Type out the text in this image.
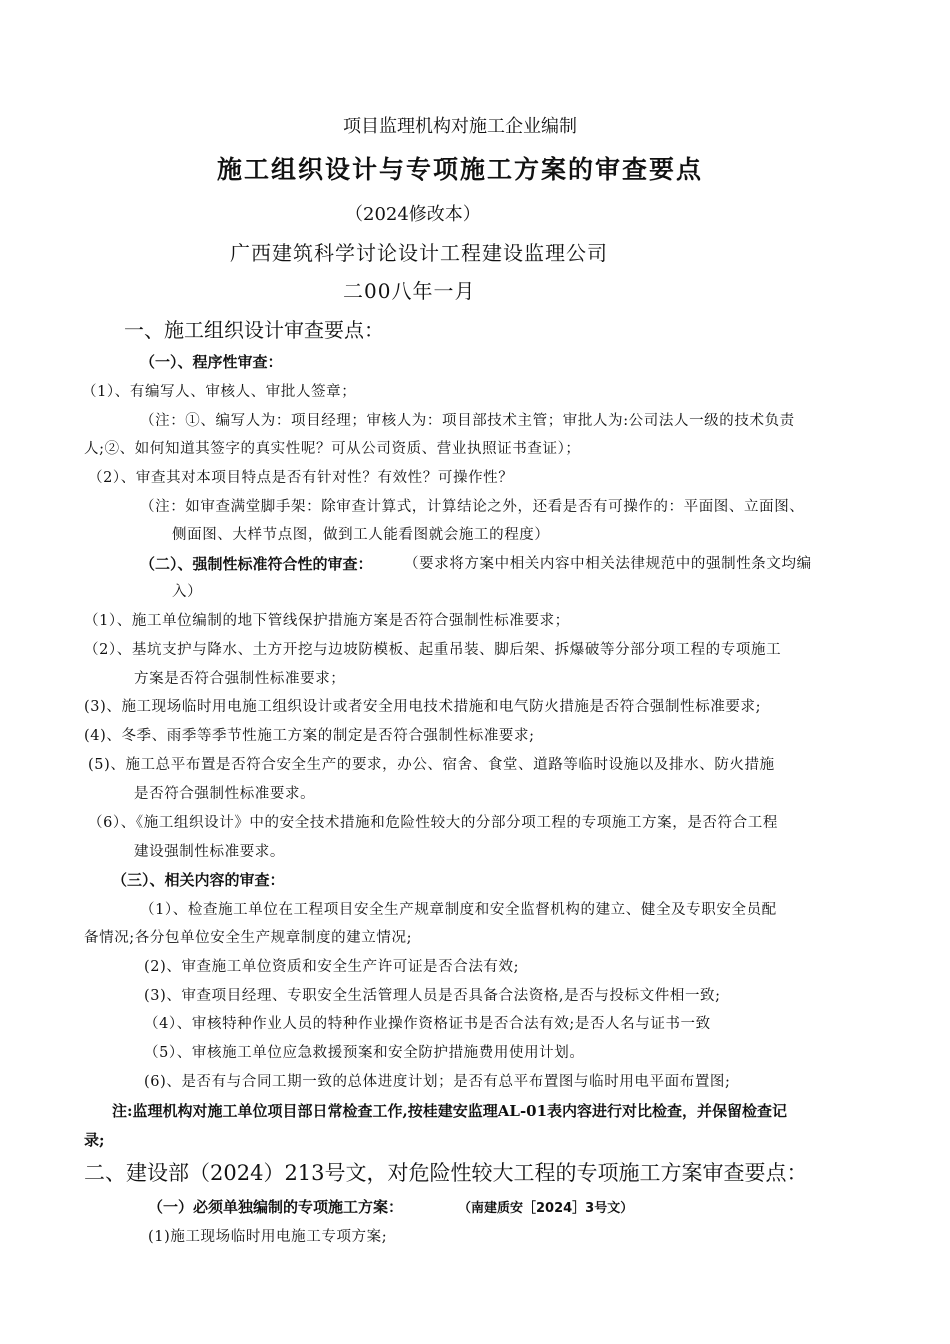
项目监理机构对施工企业编制
施工组织设计与专项施工方案的审查要点
（2024修改本）
广西建筑科学讨论设计工程建设监理公司
二00八年一月
一、施工组织设计审查要点：
（一）、程序性审查：
（1）、有编写人、审核人、审批人签章；
（注：①、编写人为：项目经理；审核人为：项目部技术主管；审批人为:公司法人一级的技术负责
人;②、如何知道其签字的真实性呢？可从公司资质、营业执照证书查证）；
（2）、审查其对本项目特点是否有针对性？有效性？可操作性？
（注：如审查满堂脚手架：除审查计算式，计算结论之外，还看是否有可操作的：平面图、立面图、
侧面图、大样节点图，做到工人能看图就会施工的程度）
（二）、强制性标准符合性的审查： （要求将方案中相关内容中相关法律规范中的强制性条文均编
入）
（1）、施工单位编制的地下管线保护措施方案是否符合强制性标准要求；
（2）、基坑支护与降水、土方开挖与边坡防模板、起重吊装、脚后架、拆爆破等分部分项工程的专项施工
方案是否符合强制性标准要求；
(3)、施工现场临时用电施工组织设计或者安全用电技术措施和电气防火措施是否符合强制性标准要求;
(4)、冬季、雨季等季节性施工方案的制定是否符合强制性标准要求;
(5)、施工总平布置是否符合安全生产的要求，办公、宿舍、食堂、道路等临时设施以及排水、防火措施
是否符合强制性标准要求。
（6）、《施工组织设计》中的安全技术措施和危险性较大的分部分项工程的专项施工方案，是否符合工程
建设强制性标准要求。
（三）、相关内容的审查：
（1）、检查施工单位在工程项目安全生产规章制度和安全监督机构的建立、健全及专职安全员配
备情况;各分包单位安全生产规章制度的建立情况;
(2)、审查施工单位资质和安全生产许可证是否合法有效;
(3)、审查项目经理、专职安全生活管理人员是否具备合法资格,是否与投标文件相一致;
（4）、审核特种作业人员的特种作业操作资格证书是否合法有效;是否人名与证书一致
（5）、审核施工单位应急救援预案和安全防护措施费用使用计划。
(6)、是否有与合同工期一致的总体进度计划；是否有总平布置图与临时用电平面布置图;
注:监理机构对施工单位项目部日常检查工作,按桂建安监理AL-01表内容进行对比检查，并保留检查记
录;
二、建设部（2024）213号文，对危险性较大工程的专项施工方案审查要点：
（一）必须单独编制的专项施工方案：	（南建质安［2024］3号文）
(1)施工现场临时用电施工专项方案;
